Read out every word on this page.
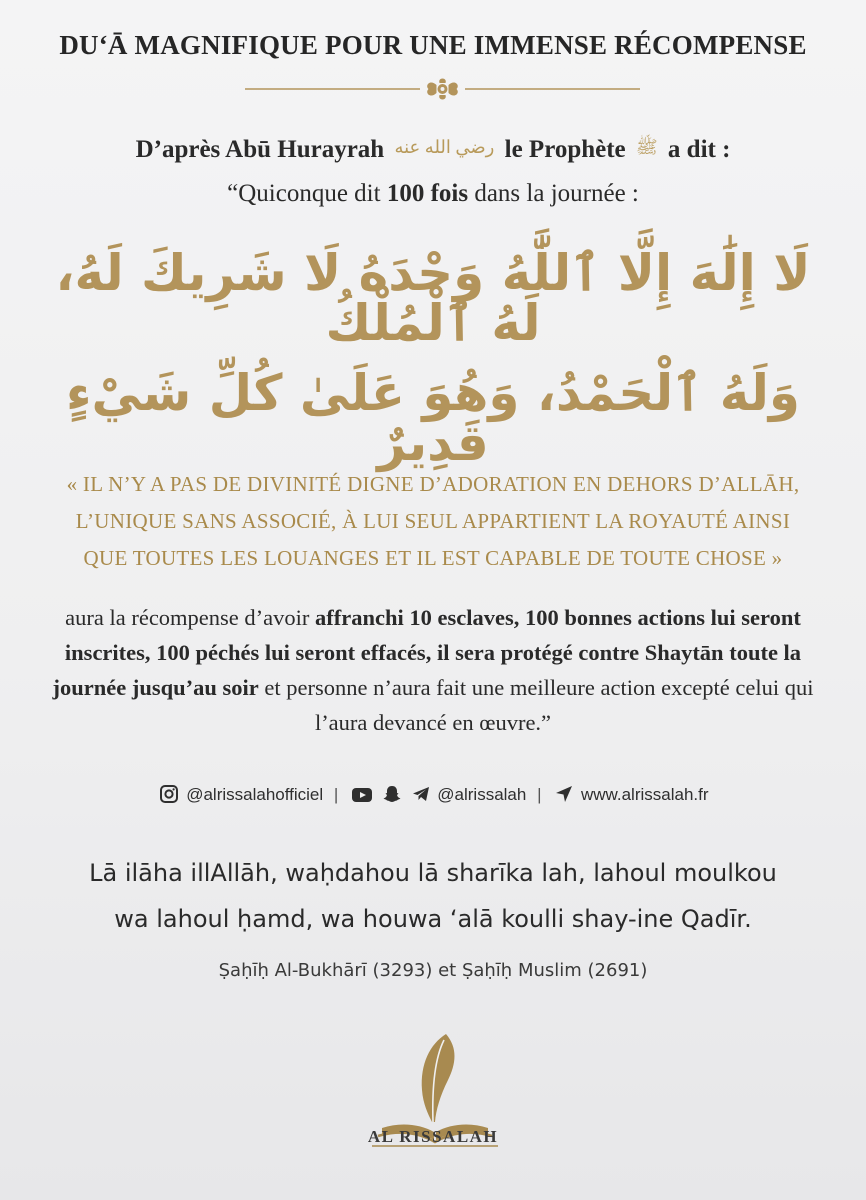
DU‘Ā MAGNIFIQUE POUR UNE IMMENSE RÉCOMPENSE
D’après Abū Hurayrah رضي الله عنه le Prophète ﷺ a dit :
“Quiconque dit 100 fois dans la journée :
لَا إِلَٰهَ إِلَّا ٱللَّٰهُ وَحْدَهُ لَا شَرِيكَ لَهُ، لَهُ ٱلْمُلْكُ
وَلَهُ ٱلْحَمْدُ، وَهُوَ عَلَىٰ كُلِّ شَيْءٍ قَدِيرٌ
« IL N’Y A PAS DE DIVINITÉ DIGNE D’ADORATION EN DEHORS D’ALLĀH,
L’UNIQUE SANS ASSOCIÉ, À LUI SEUL APPARTIENT LA ROYAUTÉ AINSI
QUE TOUTES LES LOUANGES ET IL EST CAPABLE DE TOUTE CHOSE »
aura la récompense d’avoir affranchi 10 esclaves, 100 bonnes actions lui seront inscrites, 100 péchés lui seront effacés, il sera protégé contre Shaytān toute la journée jusqu’au soir et personne n’aura fait une meilleure action excepté celui qui l’aura devancé en œuvre.”
@alrissalahofficiel |	@alrissalah | www.alrissalah.fr
Lā ilāha illAllāh, waḥdahou lā sharīka lah, lahoul moulkou
wa lahoul ḥamd, wa houwa ‘alā koulli shay-ine Qadīr.
Ṣaḥīḥ Al-Bukhārī (3293) et Ṣaḥīḥ Muslim (2691)
AL RISSALAH
